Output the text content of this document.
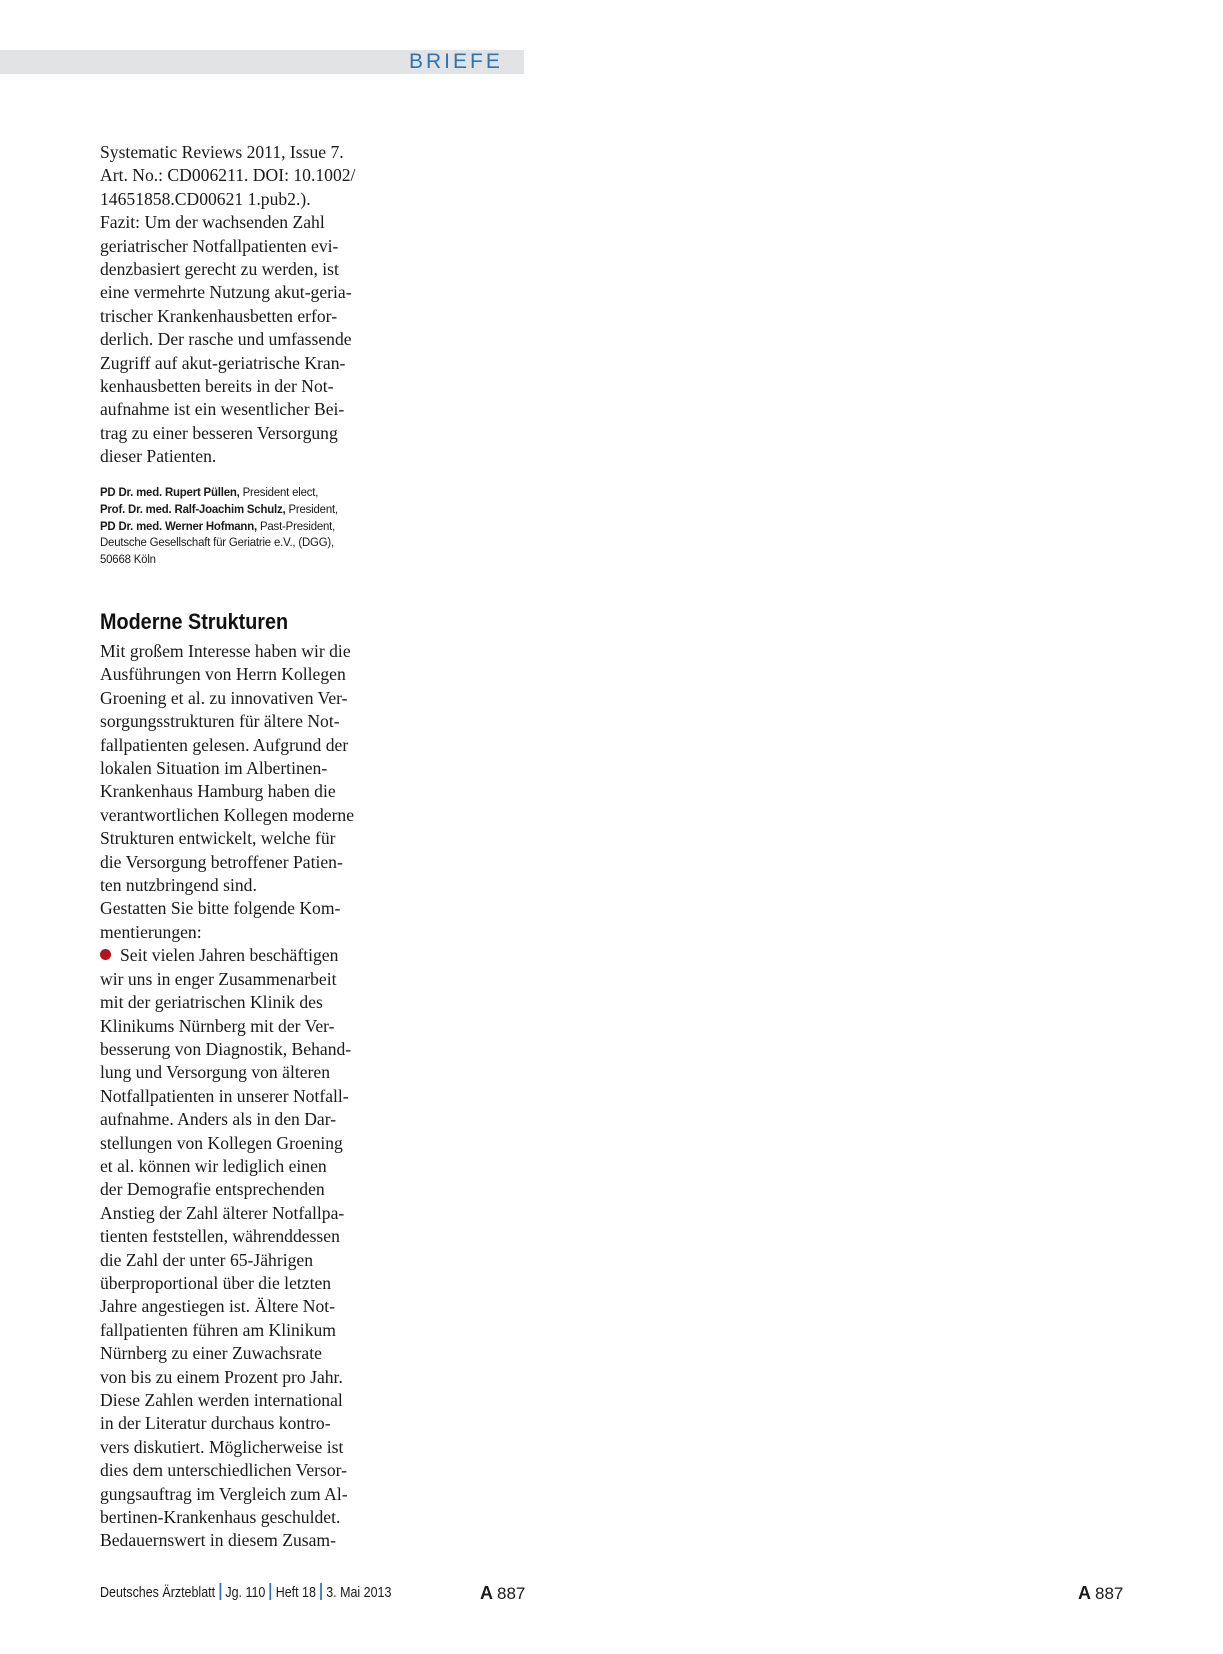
BRIEFE

Systematic Reviews 2011, Issue 7.
Art. No.: CD006211. DOI: 10.1002/
14651858.CD00621 1.pub2.).
Fazit: Um der wachsenden Zahl
geriatrischer Notfallpatienten evi-
denzbasiert gerecht zu werden, ist
eine vermehrte Nutzung akut-geria-
trischer Krankenhausbetten erfor-
derlich. Der rasche und umfassende
Zugriff auf akut-geriatrische Kran-
kenhausbetten bereits in der Not-
aufnahme ist ein wesentlicher Bei-
trag zu einer besseren Versorgung
dieser Patienten.

PD Dr. med. Rupert Püllen, President elect,
Prof. Dr. med. Ralf-Joachim Schulz, President,
PD Dr. med. Werner Hofmann, Past-President,
Deutsche Gesellschaft für Geriatrie e.V., (DGG),
50668 Köln
Moderne Strukturen

Mit großem Interesse haben wir die
Ausführungen von Herrn Kollegen
Groening et al. zu innovativen Ver-
sorgungsstrukturen für ältere Not-
fallpatienten gelesen. Aufgrund der
lokalen Situation im Albertinen-
Krankenhaus Hamburg haben die
verantwortlichen Kollegen moderne
Strukturen entwickelt, welche für
die Versorgung betroffener Patien-
ten nutzbringend sind.
Gestatten Sie bitte folgende Kom-
mentierungen:

Seit vielen Jahren beschäftigen
wir uns in enger Zusammenarbeit
mit der geriatrischen Klinik des
Klinikums Nürnberg mit der Ver-
besserung von Diagnostik, Behand-
lung und Versorgung von älteren
Notfallpatienten in unserer Notfall-
aufnahme. Anders als in den Dar-
stellungen von Kollegen Groening
et al. können wir lediglich einen
der Demografie entsprechenden
Anstieg der Zahl älterer Notfallpa-
tienten feststellen, währenddessen
die Zahl der unter 65-Jährigen
überproportional über die letzten
Jahre angestiegen ist. Ältere Not-
fallpatienten führen am Klinikum
Nürnberg zu einer Zuwachsrate
von bis zu einem Prozent pro Jahr.
Diese Zahlen werden international
in der Literatur durchaus kontro-
vers diskutiert. Möglicherweise ist
dies dem unterschiedlichen Versor-
gungsauftrag im Vergleich zum Al-
bertinen-Krankenhaus geschuldet.
Bedauernswert in diesem Zusam-

Deutsches Ärzteblatt Jg. 110 Heft 18 3. Mai 2013	A 887	A 887
